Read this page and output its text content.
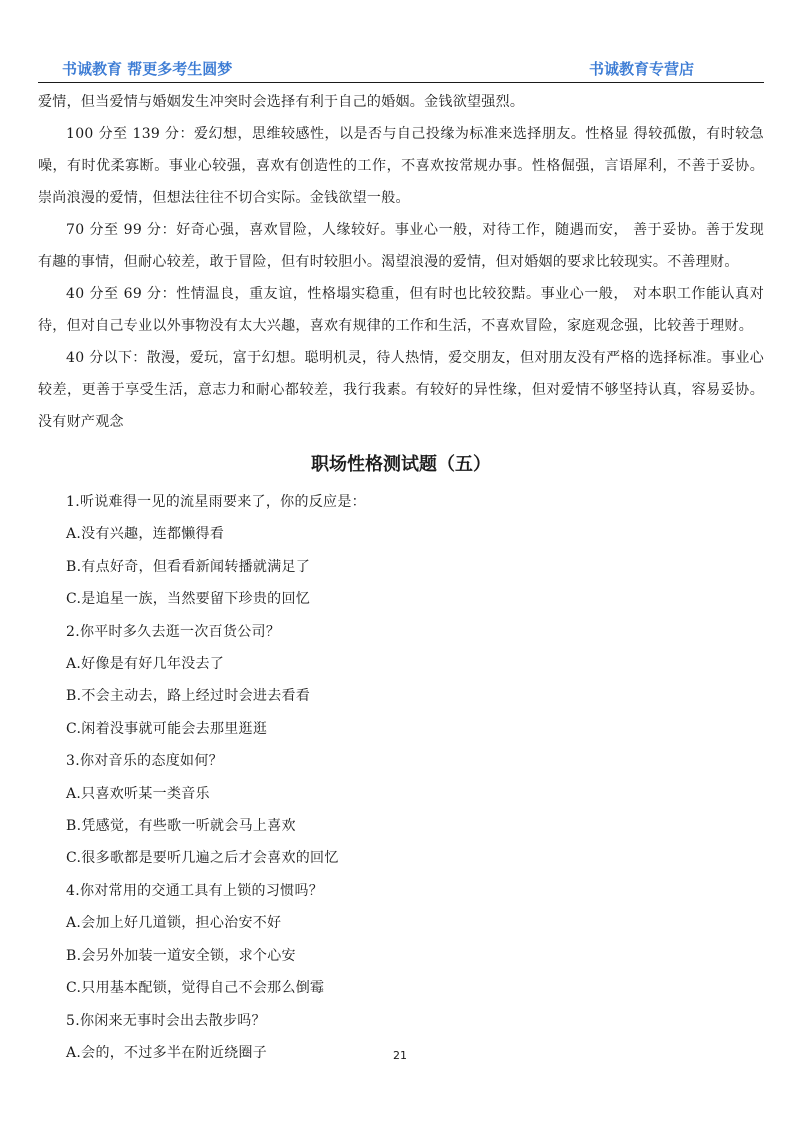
书诚教育 帮更多考生圆梦	书诚教育专营店

爱情，但当爱情与婚姻发生冲突时会选择有利于自己的婚姻。金钱欲望强烈。

100 分至 139 分：爱幻想，思维较感性，以是否与自己投缘为标准来选择朋友。性格显 得较孤傲，有时较急噪，有时优柔寡断。事业心较强，喜欢有创造性的工作，不喜欢按常规办事。性格倔强，言语犀利，不善于妥协。崇尚浪漫的爱情，但想法往往不切合实际。金钱欲望一般。

70 分至 99 分：好奇心强，喜欢冒险，人缘较好。事业心一般，对待工作，随遇而安， 善于妥协。善于发现有趣的事情，但耐心较差，敢于冒险，但有时较胆小。渴望浪漫的爱情，但对婚姻的要求比较现实。不善理财。

40 分至 69 分：性情温良，重友谊，性格塌实稳重，但有时也比较狡黠。事业心一般， 对本职工作能认真对待，但对自己专业以外事物没有太大兴趣，喜欢有规律的工作和生活，不喜欢冒险，家庭观念强，比较善于理财。

40 分以下：散漫，爱玩，富于幻想。聪明机灵，待人热情，爱交朋友，但对朋友没有严格的选择标准。事业心较差，更善于享受生活，意志力和耐心都较差，我行我素。有较好的异性缘，但对爱情不够坚持认真，容易妥协。没有财产观念

职场性格测试题（五）
1.听说难得一见的流星雨要来了，你的反应是：
A.没有兴趣，连都懒得看
B.有点好奇，但看看新闻转播就满足了
C.是追星一族，当然要留下珍贵的回忆
2.你平时多久去逛一次百货公司？
A.好像是有好几年没去了
B.不会主动去，路上经过时会进去看看
C.闲着没事就可能会去那里逛逛
3.你对音乐的态度如何？
A.只喜欢听某一类音乐
B.凭感觉，有些歌一听就会马上喜欢
C.很多歌都是要听几遍之后才会喜欢的回忆
4.你对常用的交通工具有上锁的习惯吗？
A.会加上好几道锁，担心治安不好
B.会另外加装一道安全锁，求个心安
C.只用基本配锁，觉得自己不会那么倒霉
5.你闲来无事时会出去散步吗？
A.会的，不过多半在附近绕圈子	21
